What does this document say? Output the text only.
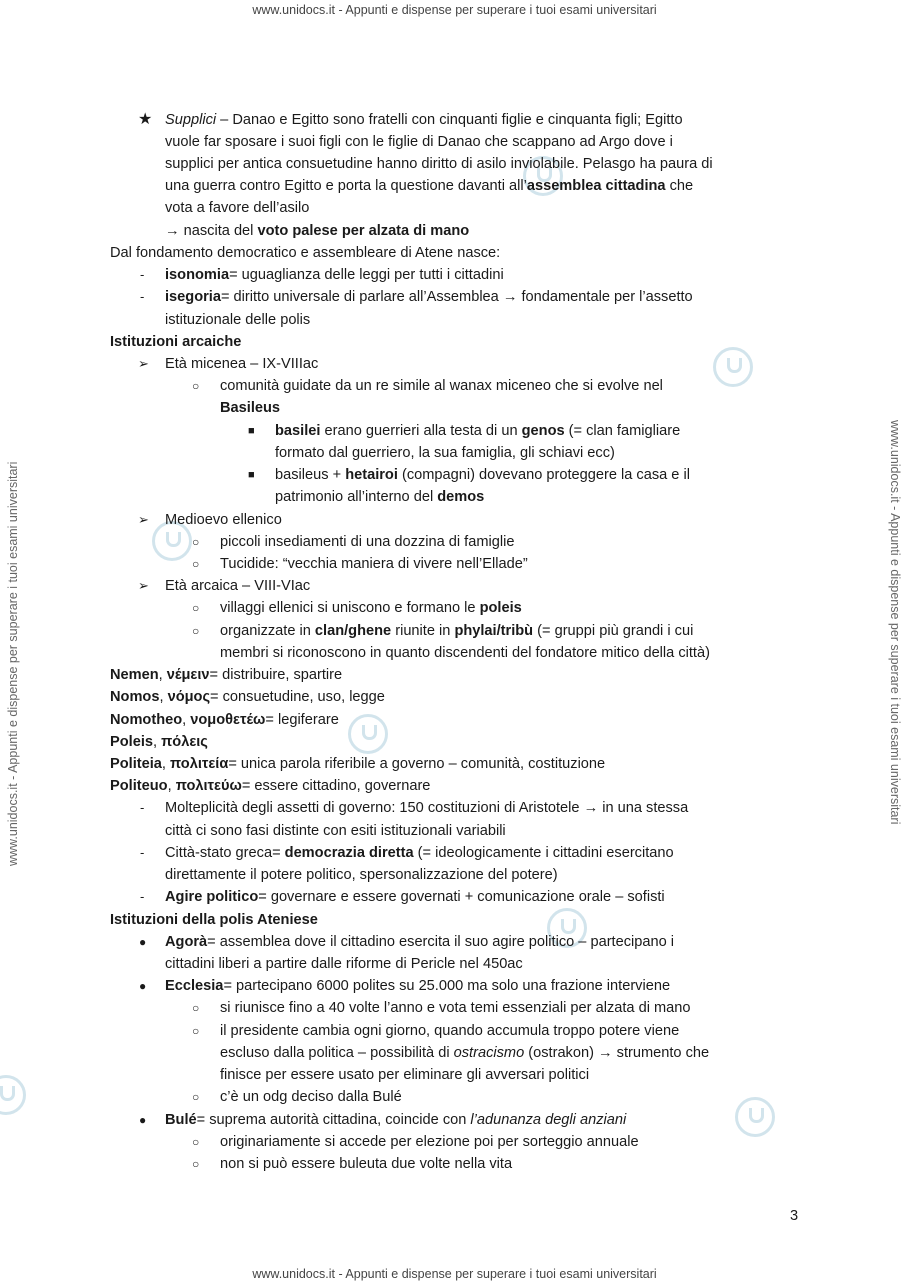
www.unidocs.it - Appunti e dispense per superare i tuoi esami universitari
www.unidocs.it - Appunti e dispense per superare i tuoi esami universitari	www.unidocs.it - Appunti e dispense per superare i tuoi esami universitari
★ Supplici – Danao e Egitto sono fratelli con cinquanti figlie e cinquanta figli; Egitto
vuole far sposare i suoi figli con le figlie di Danao che scappano ad Argo dove i
supplici per antica consuetudine hanno diritto di asilo inviolabile. Pelasgo ha paura di
una guerra contro Egitto e porta la questione davanti all’assemblea cittadina che
vota a favore dell’asilo
→ nascita del voto palese per alzata di mano
Dal fondamento democratico e assembleare di Atene nasce:
- isonomia= uguaglianza delle leggi per tutti i cittadini
- isegoria= diritto universale di parlare all’Assemblea → fondamentale per l’assetto
istituzionale delle polis
Istituzioni arcaiche
➢ Età micenea – IX-VIIIac
○ comunità guidate da un re simile al wanax miceneo che si evolve nel
Basileus
■ basilei erano guerrieri alla testa di un genos (= clan famigliare
formato dal guerriero, la sua famiglia, gli schiavi ecc)
■ basileus + hetairoi (compagni) dovevano proteggere la casa e il
patrimonio all’interno del demos
➢ Medioevo ellenico
○ piccoli insediamenti di una dozzina di famiglie
○ Tucidide: “vecchia maniera di vivere nell’Ellade”
➢ Età arcaica – VIII-VIac
○ villaggi ellenici si uniscono e formano le poleis
○ organizzate in clan/ghene riunite in phylai/tribù (= gruppi più grandi i cui
membri si riconoscono in quanto discendenti del fondatore mitico della città)
Nemen, νέμειν= distribuire, spartire
Nomos, νόμος= consuetudine, uso, legge
Nomotheo, νομοθετέω= legiferare
Poleis, πόλεις
Politeia, πολιτεία= unica parola riferibile a governo – comunità, costituzione
Politeuo, πολιτεύω= essere cittadino, governare
- Molteplicità degli assetti di governo: 150 costituzioni di Aristotele → in una stessa
città ci sono fasi distinte con esiti istituzionali variabili
- Città-stato greca= democrazia diretta (= ideologicamente i cittadini esercitano
direttamente il potere politico, spersonalizzazione del potere)
- Agire politico= governare e essere governati + comunicazione orale – sofisti
Istituzioni della polis Ateniese
● Agorà= assemblea dove il cittadino esercita il suo agire politico – partecipano i
cittadini liberi a partire dalle riforme di Pericle nel 450ac
● Ecclesia= partecipano 6000 polites su 25.000 ma solo una frazione interviene
○ si riunisce fino a 40 volte l’anno e vota temi essenziali per alzata di mano
○ il presidente cambia ogni giorno, quando accumula troppo potere viene
escluso dalla politica – possibilità di ostracismo (ostrakon) → strumento che
finisce per essere usato per eliminare gli avversari politici
○ c’è un odg deciso dalla Bulé
● Bulé= suprema autorità cittadina, coincide con l’adunanza degli anziani
○ originariamente si accede per elezione poi per sorteggio annuale
○ non si può essere buleuta due volte nella vita
3
www.unidocs.it - Appunti e dispense per superare i tuoi esami universitari
